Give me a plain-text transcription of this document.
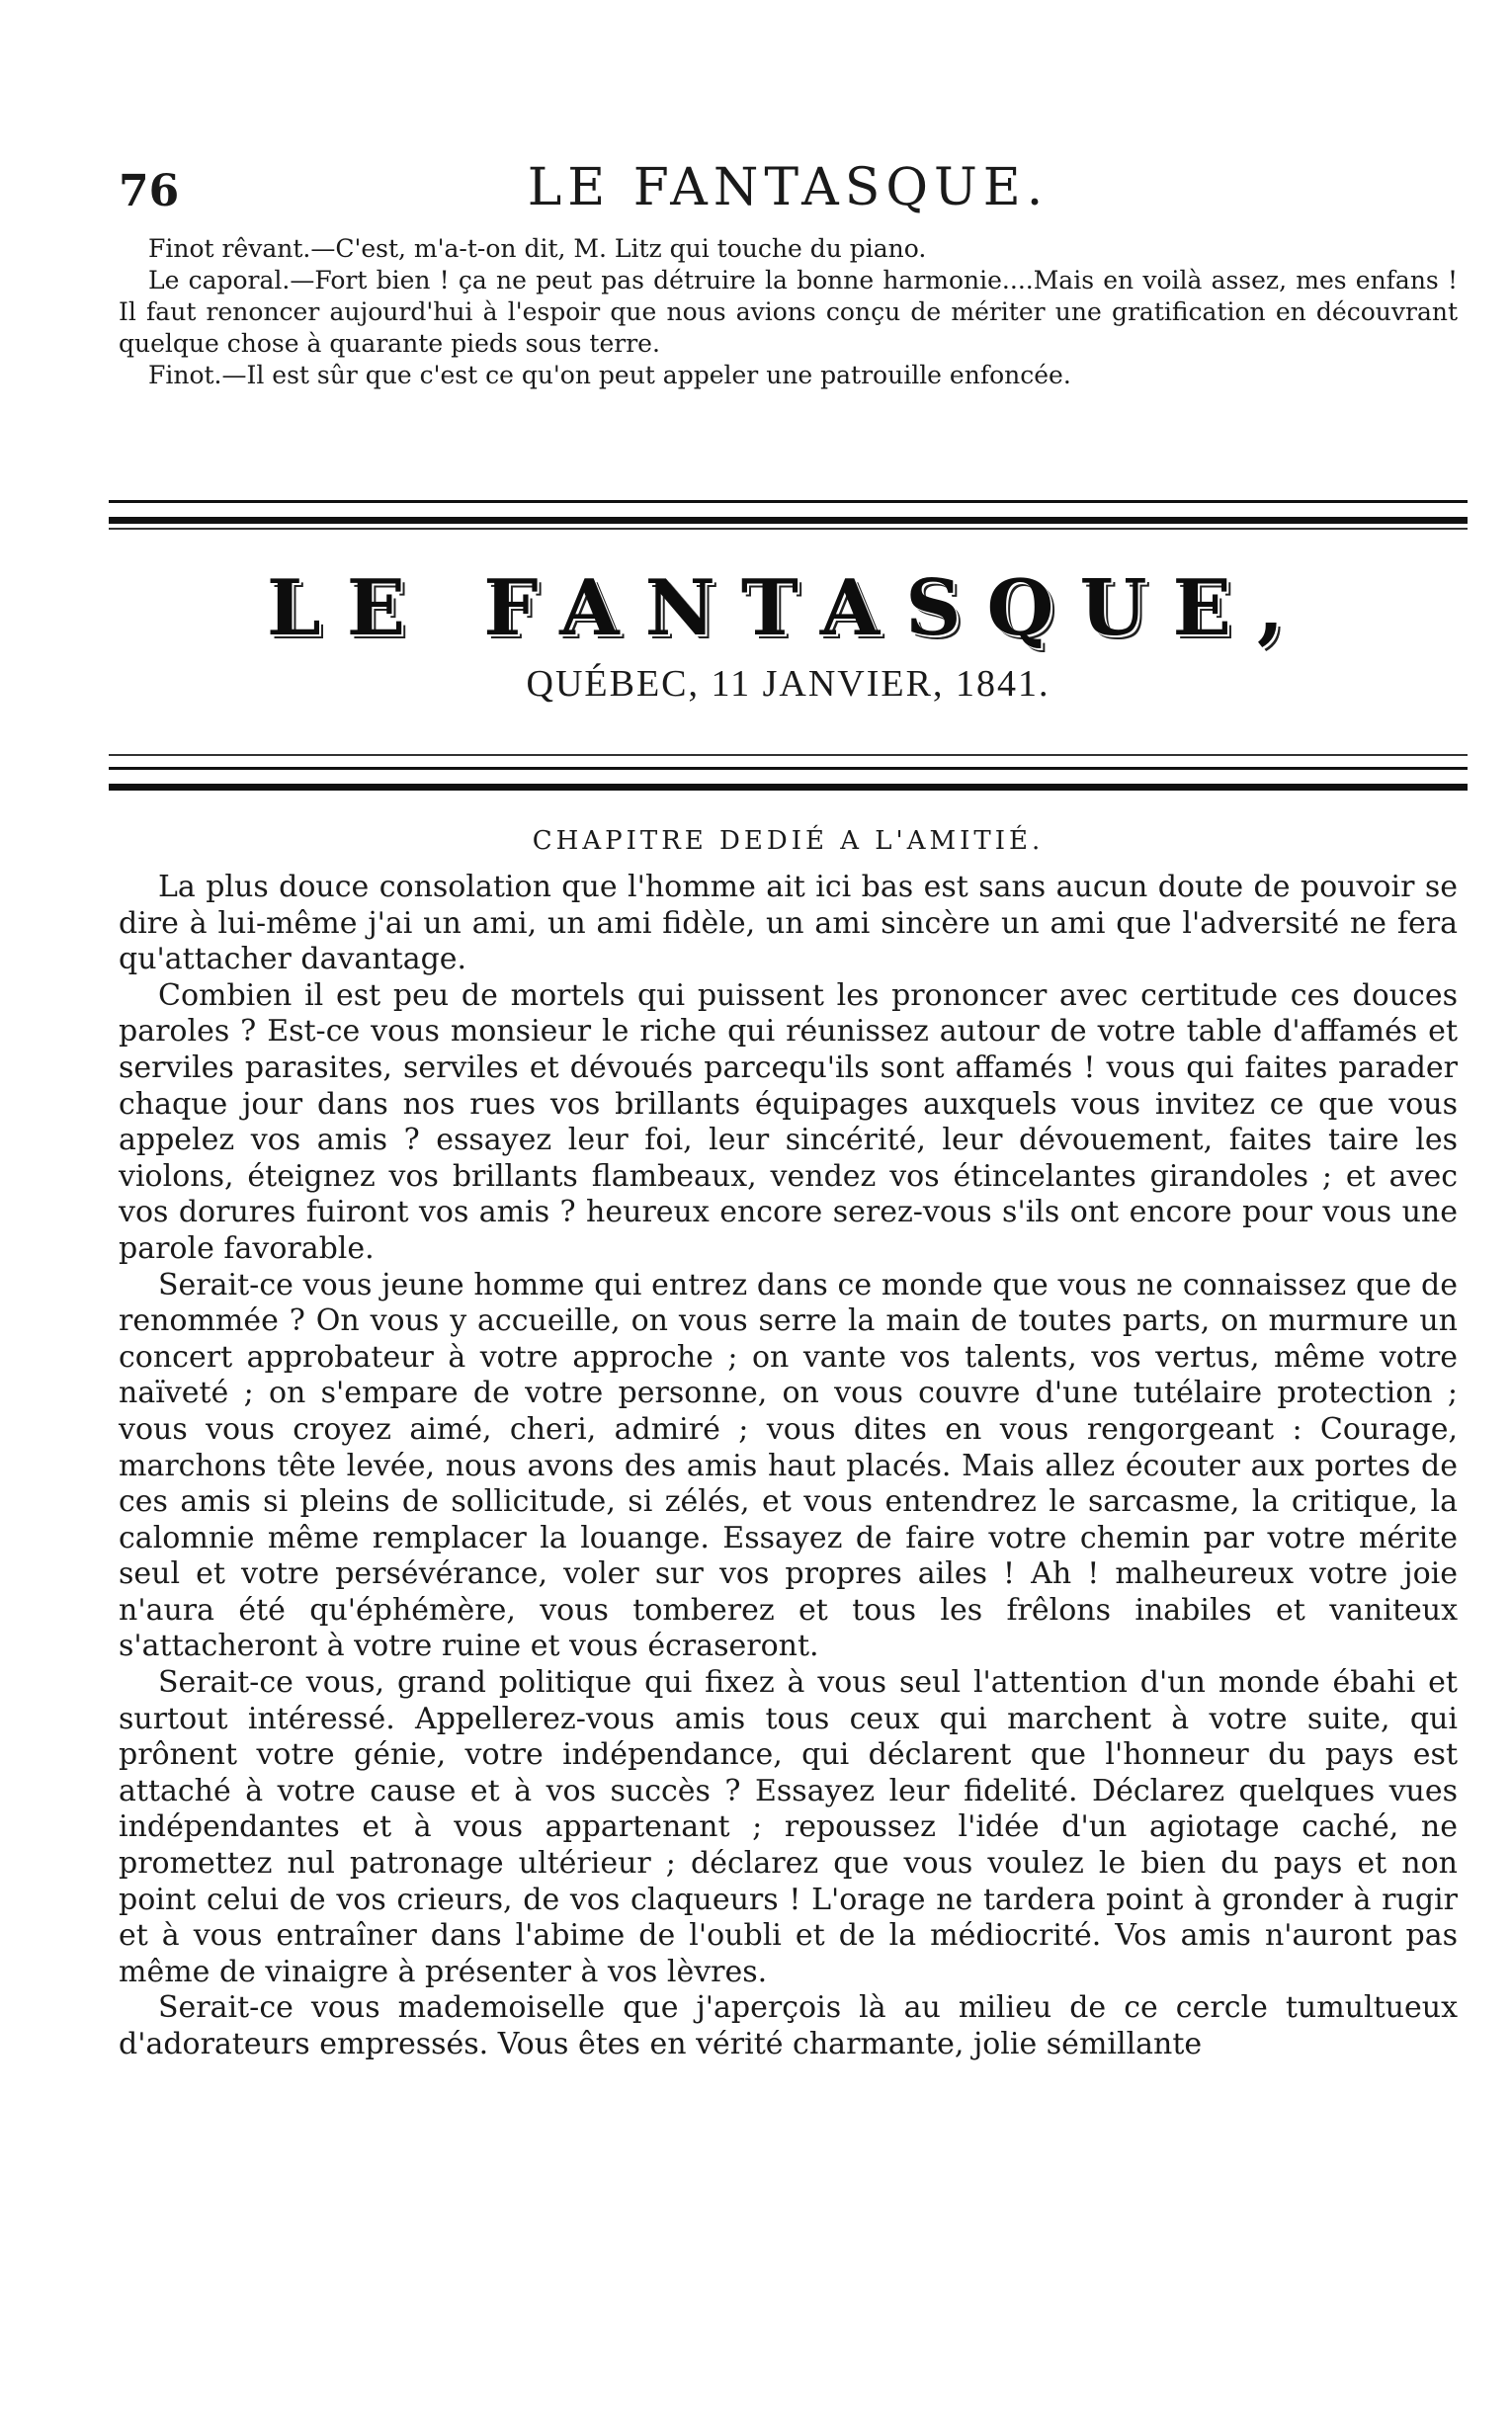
76	LE FANTASQUE.

Finot rêvant.—C'est, m'a-t-on dit, M. Litz qui touche du piano.

Le caporal.—Fort bien ! ça ne peut pas détruire la bonne harmonie....Mais en voilà assez, mes enfans ! Il faut renoncer aujourd'hui à l'espoir que nous avions conçu de mériter une gratification en découvrant quelque chose à quarante pieds sous terre.

Finot.—Il est sûr que c'est ce qu'on peut appeler une patrouille enfoncée.

LE FANTASQUE,
QUÉBEC, 11 JANVIER, 1841.
CHAPITRE DEDIÉ A L'AMITIÉ.

La plus douce consolation que l'homme ait ici bas est sans aucun doute de pouvoir se dire à lui-même j'ai un ami, un ami fidèle, un ami sincère un ami que l'adversité ne fera qu'attacher davantage.

Combien il est peu de mortels qui puissent les prononcer avec certitude ces douces paroles ? Est-ce vous monsieur le riche qui réunissez autour de votre table d'affamés et serviles parasites, serviles et dévoués parcequ'ils sont affamés ! vous qui faites parader chaque jour dans nos rues vos brillants équipages auxquels vous invitez ce que vous appelez vos amis ? essayez leur foi, leur sincérité, leur dévouement, faites taire les violons, éteignez vos brillants flambeaux, vendez vos étincelantes girandoles ; et avec vos dorures fuiront vos amis ? heureux encore serez-vous s'ils ont encore pour vous une parole favorable.

Serait-ce vous jeune homme qui entrez dans ce monde que vous ne connaissez que de renommée ? On vous y accueille, on vous serre la main de toutes parts, on murmure un concert approbateur à votre approche ; on vante vos talents, vos vertus, même votre naïveté ; on s'empare de votre personne, on vous couvre d'une tutélaire protection ; vous vous croyez aimé, cheri, admiré ; vous dites en vous rengorgeant : Courage, marchons tête levée, nous avons des amis haut placés. Mais allez écouter aux portes de ces amis si pleins de sollicitude, si zélés, et vous entendrez le sarcasme, la critique, la calomnie même remplacer la louange. Essayez de faire votre chemin par votre mérite seul et votre persévérance, voler sur vos propres ailes ! Ah ! malheureux votre joie n'aura été qu'éphémère, vous tomberez et tous les frêlons inabiles et vaniteux s'attacheront à votre ruine et vous écraseront.

Serait-ce vous, grand politique qui fixez à vous seul l'attention d'un monde ébahi et surtout intéressé. Appellerez-vous amis tous ceux qui marchent à votre suite, qui prônent votre génie, votre indépendance, qui déclarent que l'honneur du pays est attaché à votre cause et à vos succès ? Essayez leur fidelité. Déclarez quelques vues indépendantes et à vous appartenant ; repoussez l'idée d'un agiotage caché, ne promettez nul patronage ultérieur ; déclarez que vous voulez le bien du pays et non point celui de vos crieurs, de vos claqueurs ! L'orage ne tardera point à gronder à rugir et à vous entraîner dans l'abime de l'oubli et de la médiocrité. Vos amis n'auront pas même de vinaigre à présenter à vos lèvres.

Serait-ce vous mademoiselle que j'aperçois là au milieu de ce cercle tumultueux d'adorateurs empressés. Vous êtes en vérité charmante, jolie sémillante
